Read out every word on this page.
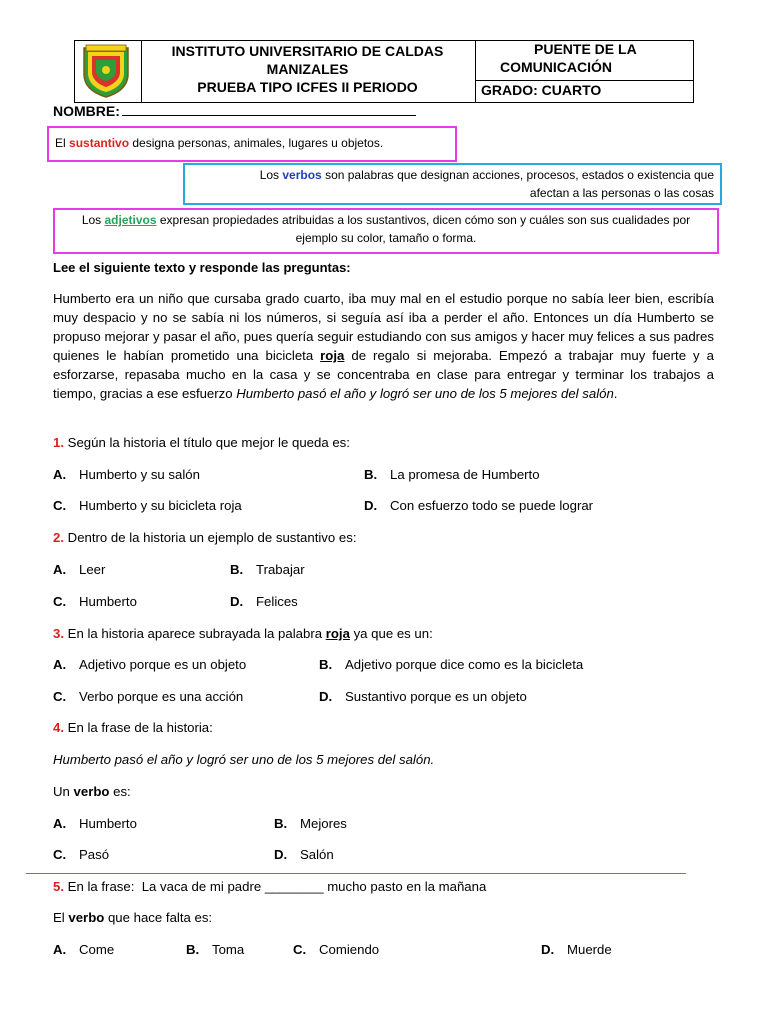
INSTITUTO UNIVERSITARIO DE CALDAS
MANIZALES
PRUEBA TIPO ICFES II PERIODO
PUENTE DE LA
COMUNICACIÓN
GRADO: CUARTO
NOMBRE:
El sustantivo designa personas, animales, lugares u objetos.
Los verbos son palabras que designan acciones, procesos, estados o existencia que afectan a las personas o las cosas
Los adjetivos expresan propiedades atribuidas a los sustantivos, dicen cómo son y cuáles son sus cualidades por ejemplo su color, tamaño o forma.
Lee el siguiente texto y responde las preguntas:
Humberto era un niño que cursaba grado cuarto, iba muy mal en el estudio porque no sabía leer bien, escribía muy despacio y no se sabía ni los números, si seguía así iba a perder el año. Entonces un día Humberto se propuso mejorar y pasar el año, pues quería seguir estudiando con sus amigos y hacer muy felices a sus padres quienes le habían prometido una bicicleta roja de regalo si mejoraba. Empezó a trabajar muy fuerte y a esforzarse, repasaba mucho en la casa y se concentraba en clase para entregar y terminar los trabajos a tiempo, gracias a ese esfuerzo Humberto pasó el año y logró ser uno de los 5 mejores del salón.
1. Según la historia el título que mejor le queda es:
A. Humberto y su salón	B. La promesa de Humberto
C. Humberto y su bicicleta roja	D. Con esfuerzo todo se puede lograr
2. Dentro de la historia un ejemplo de sustantivo es:
A. Leer	B. Trabajar
C. Humberto	D. Felices
3. En la historia aparece subrayada la palabra roja ya que es un:
A. Adjetivo porque es un objeto	B. Adjetivo porque dice como es la bicicleta
C. Verbo porque es una acción	D. Sustantivo porque es un objeto
4. En la frase de la historia:
Humberto pasó el año y logró ser uno de los 5 mejores del salón.
Un verbo es:
A. Humberto	B. Mejores
C. Pasó	D. Salón
5. En la frase:  La vaca de mi padre ________ mucho pasto en la mañana
El verbo que hace falta es:
A. Come	B. Toma	C. Comiendo	D. Muerde
